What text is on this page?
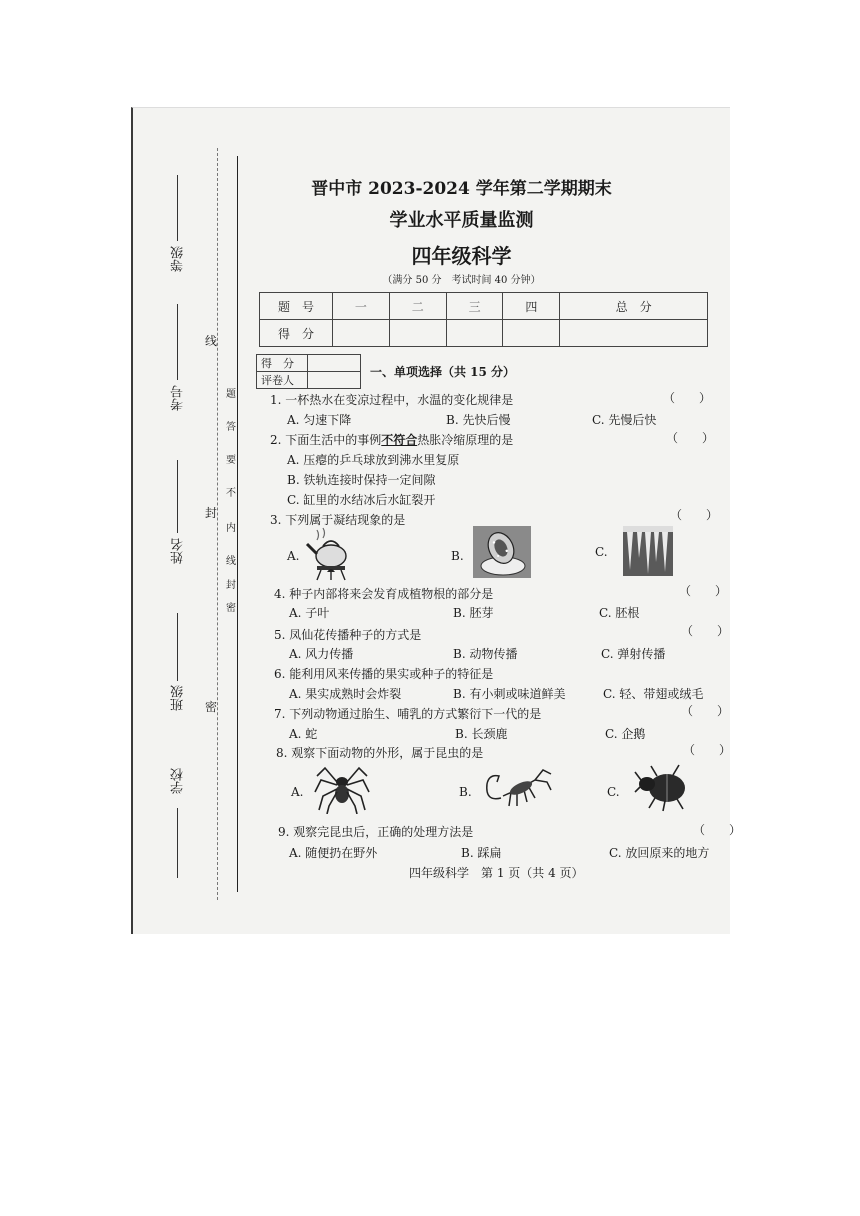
等级
考号
姓名
班级
学校
线
封
密
题
答
要
不
内
线
封
密
晋中市 2023-2024 学年第二学期期末
学业水平质量监测
四年级科学
（满分 50 分　考试时间 40 分钟）
题　号	一	二	三	四	总　分
得　分					
得　分	
评卷人	
一、单项选择（共 15 分）
1. 一杯热水在变凉过程中，水温的变化规律是	（　　）
A. 匀速下降	B. 先快后慢	C. 先慢后快
2. 下面生活中的事例不符合热胀冷缩原理的是	（　　）
A. 压瘪的乒乓球放到沸水里复原
B. 铁轨连接时保持一定间隙
C. 缸里的水结冰后水缸裂开
3. 下列属于凝结现象的是	（　　）
A.	B.	C.
4. 种子内部将来会发育成植物根的部分是	（　　）
A. 子叶	B. 胚芽	C. 胚根
5. 凤仙花传播种子的方式是	（　　）
A. 风力传播	B. 动物传播	C. 弹射传播
6. 能利用风来传播的果实或种子的特征是
A. 果实成熟时会炸裂	B. 有小刺或味道鲜美	C. 轻、带翅或绒毛
7. 下列动物通过胎生、哺乳的方式繁衍下一代的是	（　　）
A. 蛇	B. 长颈鹿	C. 企鹅
8. 观察下面动物的外形，属于昆虫的是	（　　）
A.	B.	C.
9. 观察完昆虫后，正确的处理方法是	（　　）
A. 随便扔在野外	B. 踩扁	C. 放回原来的地方
四年级科学　第 1 页（共 4 页）
